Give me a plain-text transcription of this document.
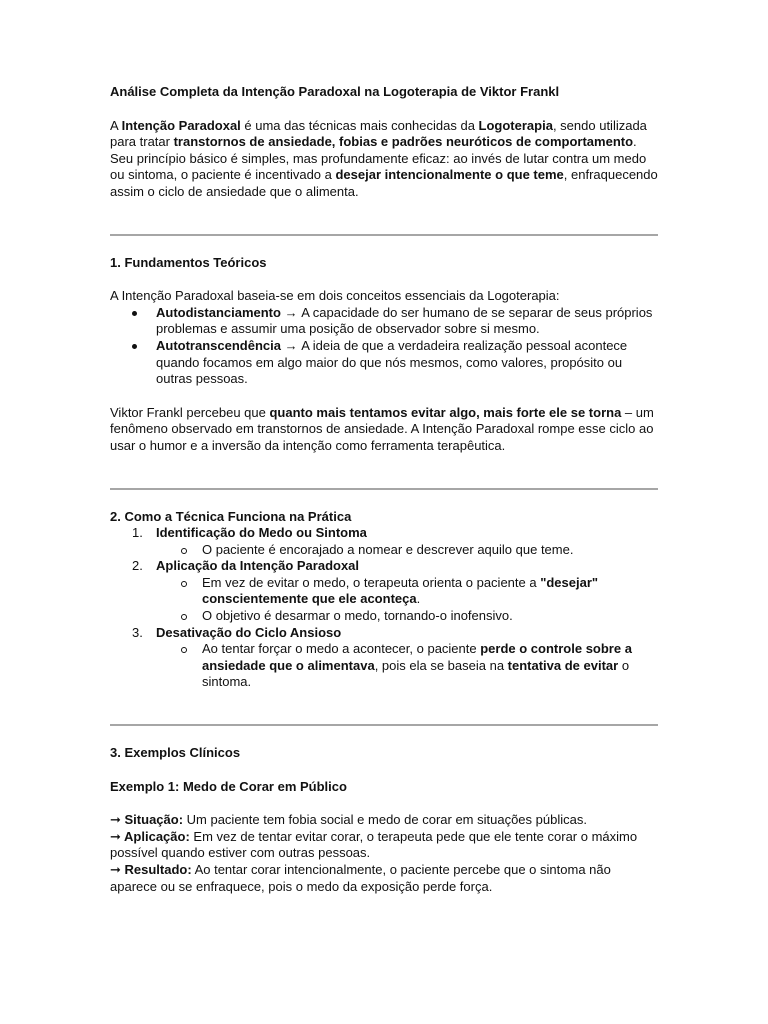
Análise Completa da Intenção Paradoxal na Logoterapia de Viktor Frankl

A Intenção Paradoxal é uma das técnicas mais conhecidas da Logoterapia, sendo utilizada para tratar transtornos de ansiedade, fobias e padrões neuróticos de comportamento. Seu princípio básico é simples, mas profundamente eficaz: ao invés de lutar contra um medo ou sintoma, o paciente é incentivado a desejar intencionalmente o que teme, enfraquecendo assim o ciclo de ansiedade que o alimenta.

1. Fundamentos Teóricos

A Intenção Paradoxal baseia-se em dois conceitos essenciais da Logoterapia:

Autodistanciamento → A capacidade do ser humano de se separar de seus próprios problemas e assumir uma posição de observador sobre si mesmo.
Autotranscendência → A ideia de que a verdadeira realização pessoal acontece quando focamos em algo maior do que nós mesmos, como valores, propósito ou outras pessoas.

Viktor Frankl percebeu que quanto mais tentamos evitar algo, mais forte ele se torna – um fenômeno observado em transtornos de ansiedade. A Intenção Paradoxal rompe esse ciclo ao usar o humor e a inversão da intenção como ferramenta terapêutica.

2. Como a Técnica Funciona na Prática
1. Identificação do Medo ou Sintoma
O paciente é encorajado a nomear e descrever aquilo que teme.
2. Aplicação da Intenção Paradoxal
Em vez de evitar o medo, o terapeuta orienta o paciente a "desejar" conscientemente que ele aconteça.
O objetivo é desarmar o medo, tornando-o inofensivo.
3. Desativação do Ciclo Ansioso
Ao tentar forçar o medo a acontecer, o paciente perde o controle sobre a ansiedade que o alimentava, pois ela se baseia na tentativa de evitar o sintoma.
3. Exemplos Clínicos

Exemplo 1: Medo de Corar em Público

➞ Situação: Um paciente tem fobia social e medo de corar em situações públicas.

➞ Aplicação: Em vez de tentar evitar corar, o terapeuta pede que ele tente corar o máximo possível quando estiver com outras pessoas.

➞ Resultado: Ao tentar corar intencionalmente, o paciente percebe que o sintoma não aparece ou se enfraquece, pois o medo da exposição perde força.
